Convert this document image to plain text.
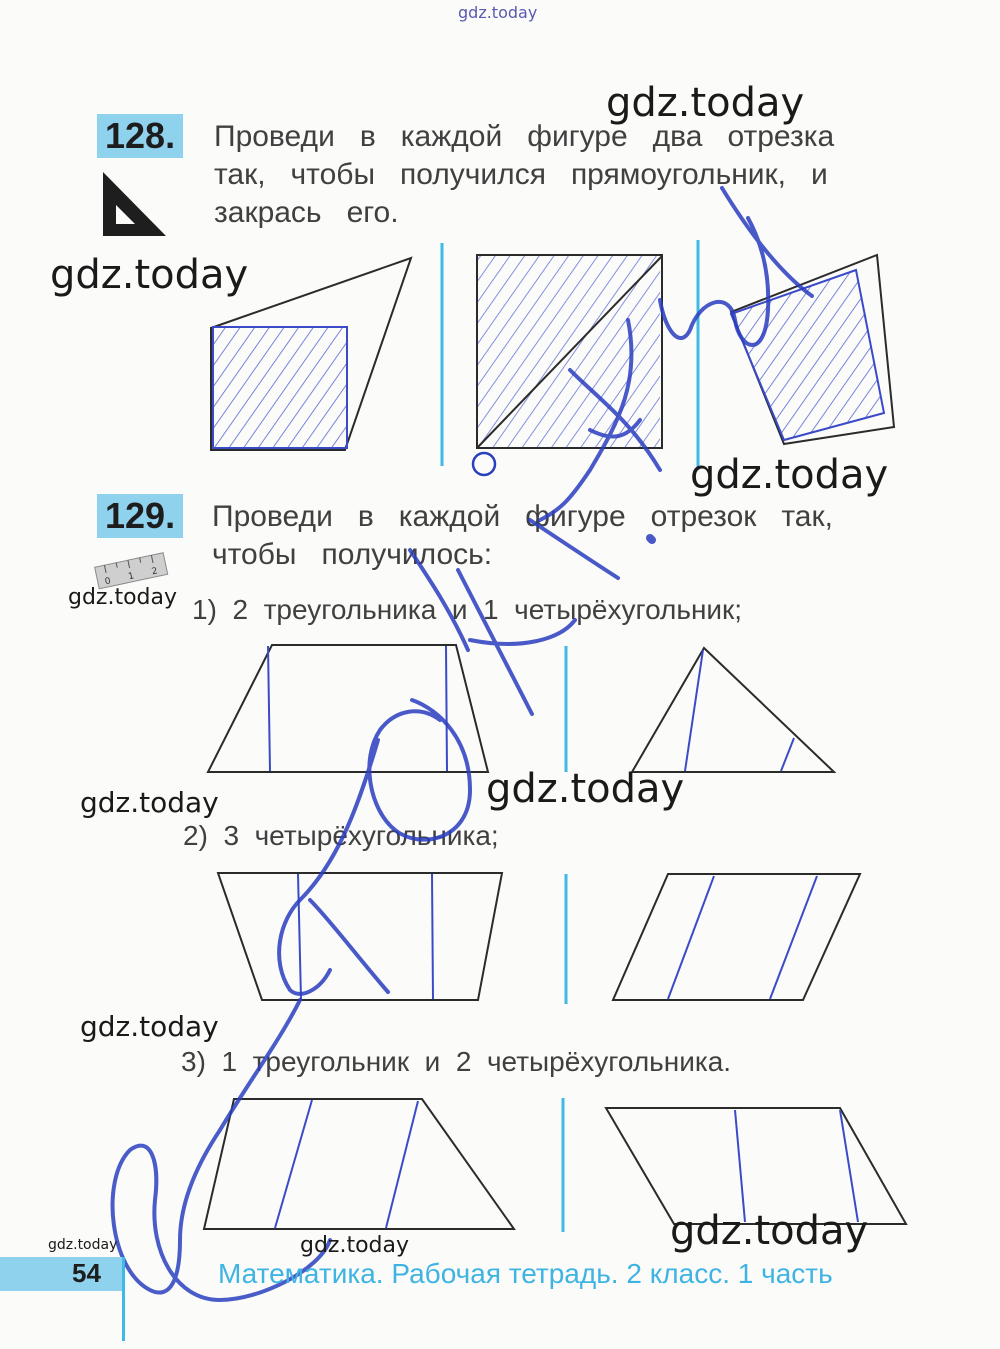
128. Проведи   в   каждой   фигуре   два   отрезка
так,   чтобы   получился   прямоугольник,   и
закрась   его.
129. Проведи   в   каждой   фигуре   отрезок   так,
чтобы   получилось:
1)  2  треугольника  и  1  четырёхугольник;
2)  3  четырёхугольника;
3)  1  треугольник  и  2  четырёхугольника.
0 1 2
gdz.today
gdz.today
gdz.today
gdz.today
gdz.today
gdz.today
gdz.today
gdz.today
gdz.today
gdz.today	gdz.today
54	Математика. Рабочая тетрадь. 2 класс. 1 часть
